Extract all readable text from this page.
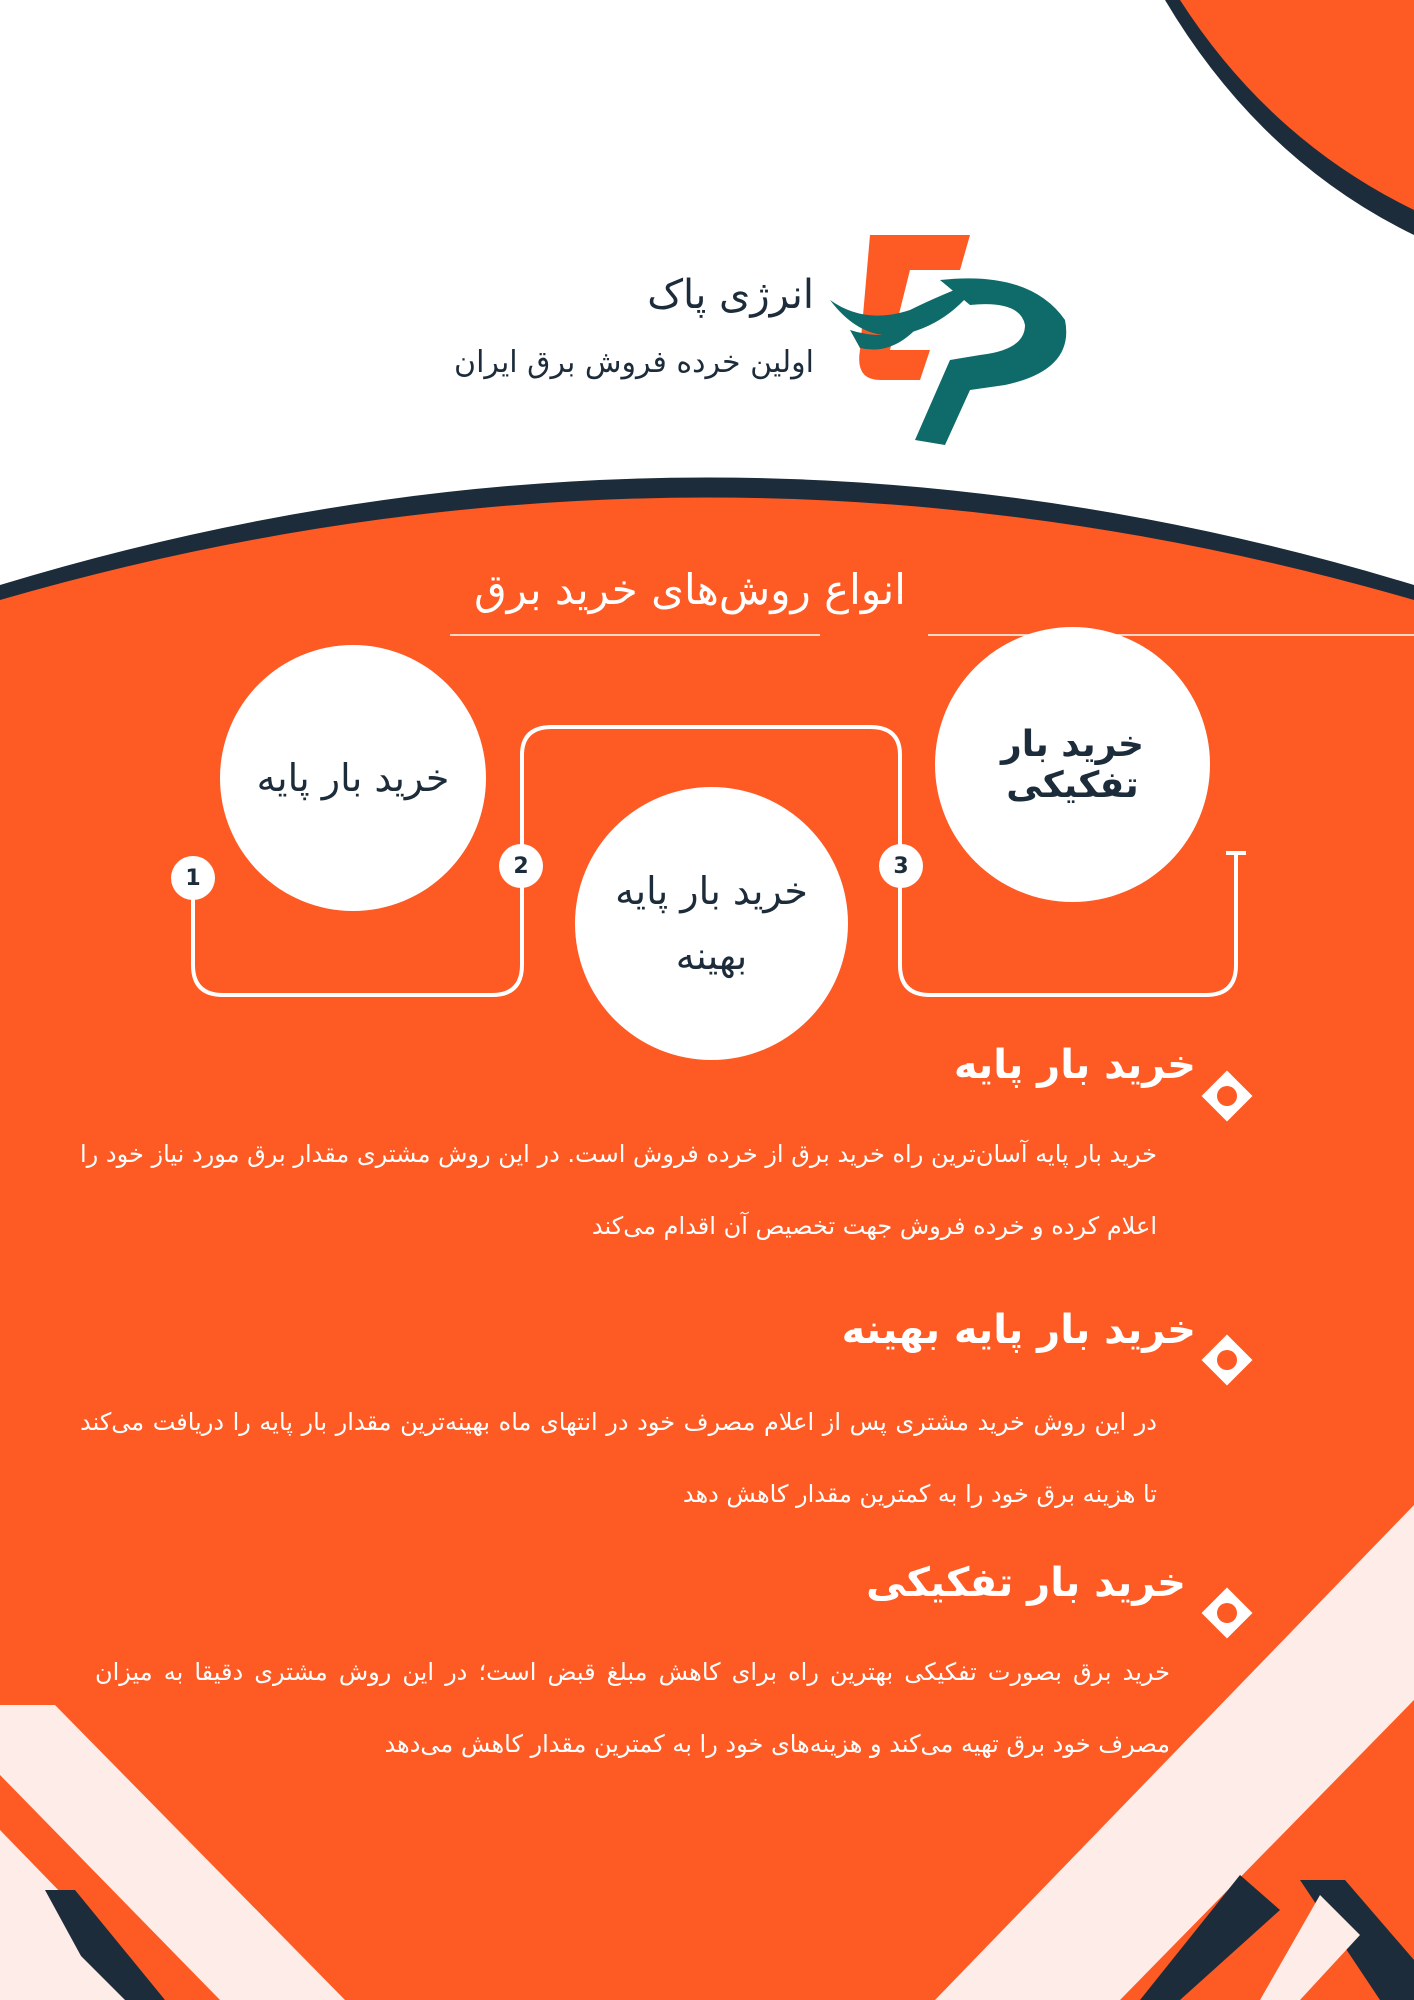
انرژی پاک
اولین خرده فروش برق ایران
انواع روش‌های خرید برق
خرید بار تفکیکی
خرید بار پایه
خرید بار پایه بهینه
1	2	3
خرید بار پایه
خرید بار پایه آسان‌ترین راه خرید برق از خرده فروش است. در این روش مشتری مقدار برق مورد نیاز خود را اعلام کرده و خرده فروش جهت تخصیص آن اقدام می‌کند
خرید بار پایه بهینه
در این روش خرید مشتری پس از اعلام مصرف خود در انتهای ماه بهینه‌ترین مقدار بار پایه را دریافت می‌کند تا هزینه برق خود را به کمترین مقدار کاهش دهد
خرید بار تفکیکی
خرید برق بصورت تفکیکی بهترین راه برای کاهش مبلغ قبض است؛ در این روش مشتری دقیقا به میزان مصرف خود برق تهیه می‌کند و هزینه‌های خود را به کمترین مقدار کاهش می‌دهد
